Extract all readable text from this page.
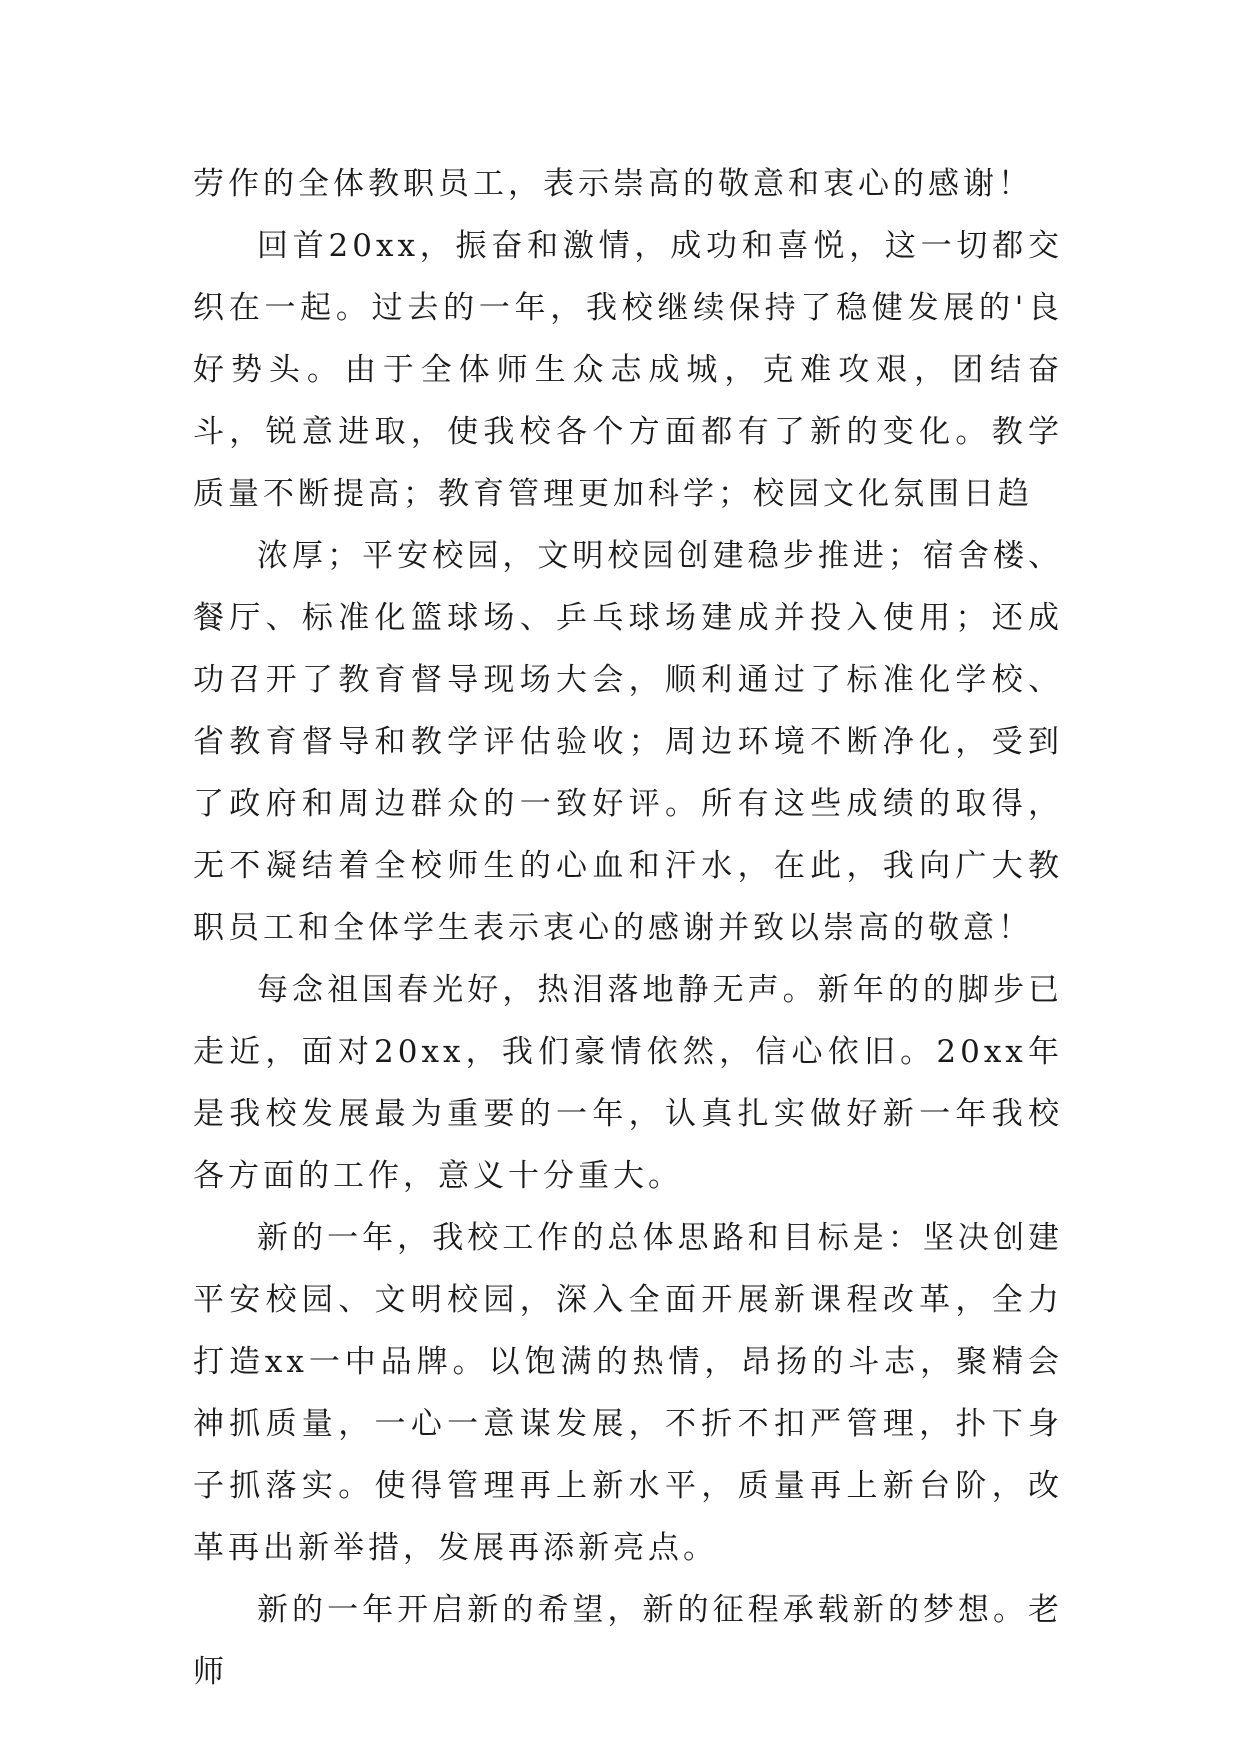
劳作的全体教职员工，表示崇高的敬意和衷心的感谢！

回首20xx，振奋和激情，成功和喜悦，这一切都交织在一起。过去的一年，我校继续保持了稳健发展的'良好势头。由于全体师生众志成城，克难攻艰，团结奋斗，锐意进取，使我校各个方面都有了新的变化。教学质量不断提高；教育管理更加科学；校园文化氛围日趋

浓厚；平安校园，文明校园创建稳步推进；宿舍楼、餐厅、标准化篮球场、乒乓球场建成并投入使用；还成功召开了教育督导现场大会，顺利通过了标准化学校、省教育督导和教学评估验收；周边环境不断净化，受到了政府和周边群众的一致好评。所有这些成绩的取得，无不凝结着全校师生的心血和汗水，在此，我向广大教职员工和全体学生表示衷心的感谢并致以崇高的敬意！

每念祖国春光好，热泪落地静无声。新年的的脚步已走近，面对20xx，我们豪情依然，信心依旧。20xx年是我校发展最为重要的一年，认真扎实做好新一年我校各方面的工作，意义十分重大。

新的一年，我校工作的总体思路和目标是：坚决创建平安校园、文明校园，深入全面开展新课程改革，全力打造xx一中品牌。以饱满的热情，昂扬的斗志，聚精会神抓质量，一心一意谋发展，不折不扣严管理，扑下身子抓落实。使得管理再上新水平，质量再上新台阶，改革再出新举措，发展再添新亮点。

新的一年开启新的希望，新的征程承载新的梦想。老师
